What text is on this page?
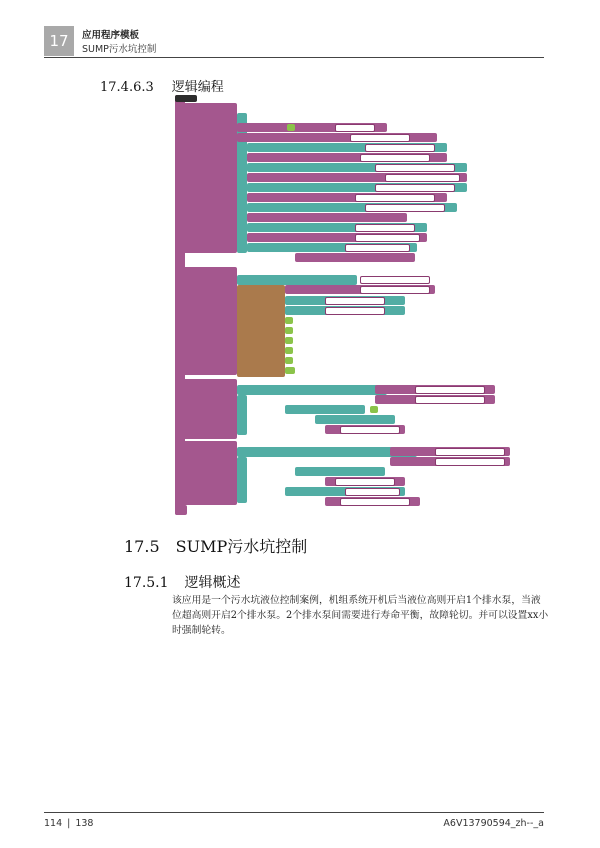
17 应用程序模板
SUMP污水坑控制
17.4.6.3 逻辑编程
17.5 SUMP污水坑控制
17.5.1 逻辑概述
该应用是一个污水坑液位控制案例，机组系统开机后当液位高则开启1个排水泵，当液位超高则开启2个排水泵。2个排水泵间需要进行寿命平衡，故障轮切。并可以设置xx小时强制轮转。
114 | 138	A6V13790594_zh--_a
